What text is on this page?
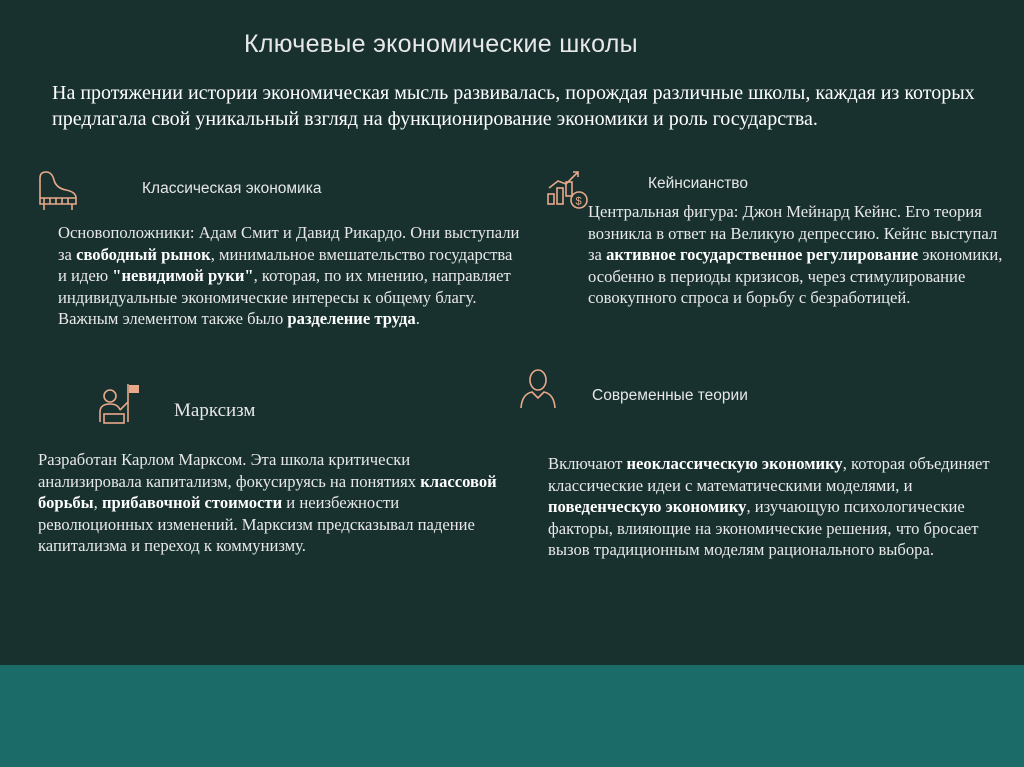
Ключевые экономические школы
На протяжении истории экономическая мысль развивалась, порождая различные школы, каждая из которых предлагала свой уникальный взгляд на функционирование экономики и роль государства.
Классическая экономика
Основоположники: Адам Смит и Давид Рикардо. Они выступали за свободный рынок, минимальное вмешательство государства и идею "невидимой руки", которая, по их мнению, направляет индивидуальные экономические интересы к общему благу. Важным элементом также было разделение труда.
$
Кейнсианство
Центральная фигура: Джон Мейнард Кейнс. Его теория возникла в ответ на Великую депрессию. Кейнс выступал за активное государственное регулирование экономики, особенно в периоды кризисов, через стимулирование совокупного спроса и борьбу с безработицей.
Марксизм
Разработан Карлом Марксом. Эта школа критически анализировала капитализм, фокусируясь на понятиях классовой борьбы, прибавочной стоимости и неизбежности революционных изменений. Марксизм предсказывал падение капитализма и переход к коммунизму.
Современные теории
Включают неоклассическую экономику, которая объединяет классические идеи с математическими моделями, и поведенческую экономику, изучающую психологические факторы, влияющие на экономические решения, что бросает вызов традиционным моделям рационального выбора.
